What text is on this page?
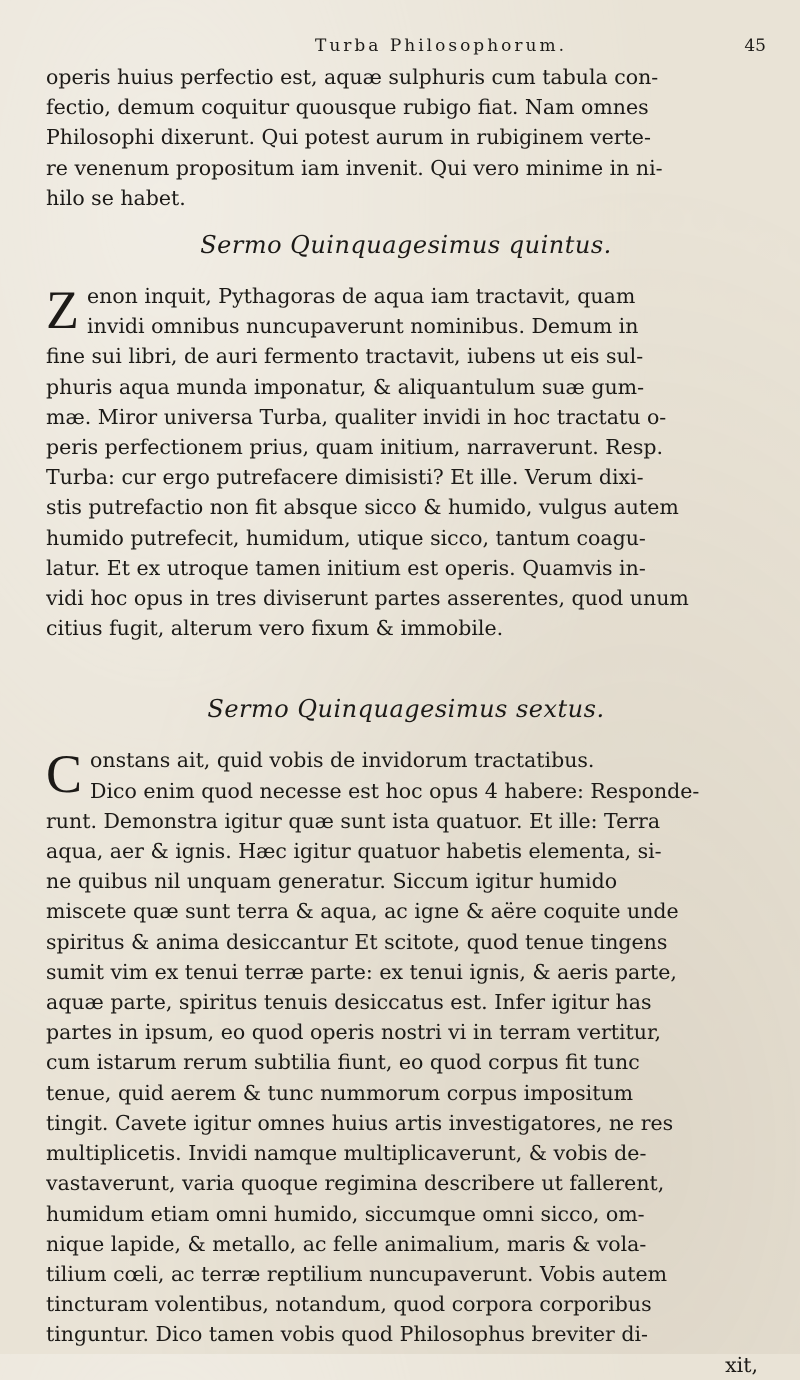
Turba Philosophorum.	45

operis huius perfectio est, aquæ sulphuris cum tabula con-
fectio, demum coquitur quousque rubigo fiat. Nam omnes
Philosophi dixerunt. Qui potest aurum in rubiginem verte-
re venenum propositum iam invenit. Qui vero minime in ni-
hilo se habet.

Sermo Quinquagesimus quintus.

Z enon inquit, Pythagoras de aqua iam tractavit, quam
invidi omnibus nuncupaverunt nominibus. Demum in
fine sui libri, de auri fermento tractavit, iubens ut eis sul-
phuris aqua munda imponatur, & aliquantulum suæ gum-
mæ. Miror universa Turba, qualiter invidi in hoc tractatu o-
peris perfectionem prius, quam initium, narraverunt. Resp.
Turba: cur ergo putrefacere dimisisti? Et ille. Verum dixi-
stis putrefactio non fit absque sicco & humido, vulgus autem
humido putrefecit, humidum, utique sicco, tantum coagu-
latur. Et ex utroque tamen initium est operis. Quamvis in-
vidi hoc opus in tres diviserunt partes asserentes, quod unum
citius fugit, alterum vero fixum & immobile.

Sermo Quinquagesimus sextus.

C onstans ait, quid vobis de invidorum tractatibus.
Dico enim quod necesse est hoc opus 4 habere: Responde-
runt. Demonstra igitur quæ sunt ista quatuor. Et ille: Terra
aqua, aer & ignis. Hæc igitur quatuor habetis elementa, si-
ne quibus nil unquam generatur. Siccum igitur humido
miscete quæ sunt terra & aqua, ac igne & aëre coquite unde
spiritus & anima desiccantur Et scitote, quod tenue tingens
sumit vim ex tenui terræ parte: ex tenui ignis, & aeris parte,
aquæ parte, spiritus tenuis desiccatus est. Infer igitur has
partes in ipsum, eo quod operis nostri vi in terram vertitur,
cum istarum rerum subtilia fiunt, eo quod corpus fit tunc
tenue, quid aerem & tunc nummorum corpus impositum
tingit. Cavete igitur omnes huius artis investigatores, ne res
multiplicetis. Invidi namque multiplicaverunt, & vobis de-
vastaverunt, varia quoque regimina describere ut fallerent,
humidum etiam omni humido, siccumque omni sicco, om-
nique lapide, & metallo, ac felle animalium, maris & vola-
tilium cœli, ac terræ reptilium nuncupaverunt. Vobis autem
tincturam volentibus, notandum, quod corpora corporibus
tinguntur. Dico tamen vobis quod Philosophus breviter di-

xit,
